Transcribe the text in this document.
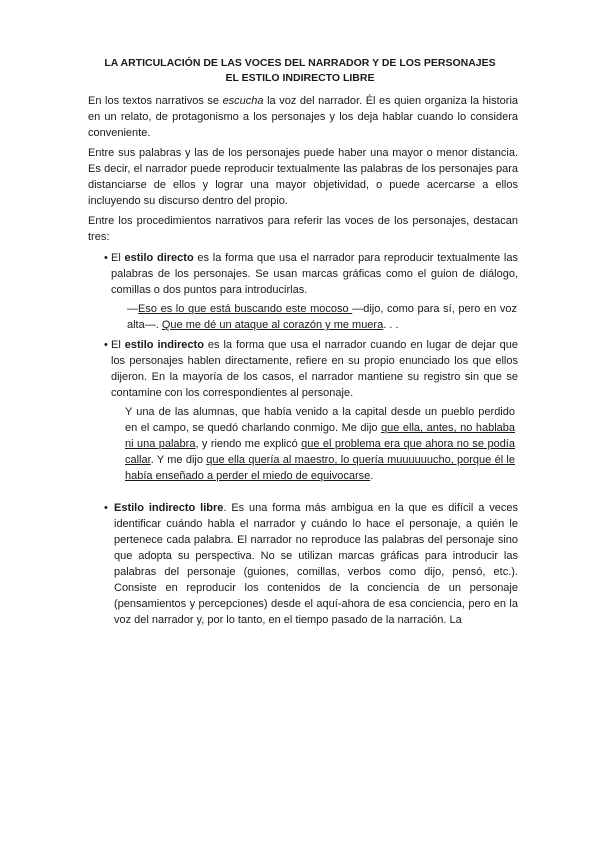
LA ARTICULACIÓN DE LAS VOCES DEL NARRADOR Y DE LOS PERSONAJES
EL ESTILO INDIRECTO LIBRE
En los textos narrativos se escucha la voz del narrador. Él es quien organiza la historia en un relato, de protagonismo a los personajes y los deja hablar cuando lo considera conveniente.
Entre sus palabras y las de los personajes puede haber una mayor o menor distancia. Es decir, el narrador puede reproducir textualmente las palabras de los personajes para distanciarse de ellos y lograr una mayor objetividad, o puede acercarse a ellos incluyendo su discurso dentro del propio.
Entre los procedimientos narrativos para referir las voces de los personajes, destacan tres:
• El estilo directo es la forma que usa el narrador para reproducir textualmente las palabras de los personajes. Se usan marcas gráficas como el guion de diálogo, comillas o dos puntos para introducirlas.
—Eso es lo que está buscando este mocoso —dijo, como para sí, pero en voz alta—. Que me dé un ataque al corazón y me muera. . .
• El estilo indirecto es la forma que usa el narrador cuando en lugar de dejar que los personajes hablen directamente, refiere en su propio enunciado los que ellos dijeron. En la mayoría de los casos, el narrador mantiene su registro sin que se contamine con los correspondientes al personaje.
Y una de las alumnas, que había venido a la capital desde un pueblo perdido en el campo, se quedó charlando conmigo. Me dijo que ella, antes, no hablaba ni una palabra, y riendo me explicó que el problema era que ahora no se podía callar. Y me dijo que ella quería al maestro, lo quería muuuuuucho, porque él le había enseñado a perder el miedo de equivocarse.
• Estilo indirecto libre. Es una forma más ambigua en la que es difícil a veces identificar cuándo habla el narrador y cuándo lo hace el personaje, a quién le pertenece cada palabra. El narrador no reproduce las palabras del personaje sino que adopta su perspectiva. No se utilizan marcas gráficas para introducir las palabras del personaje (guiones, comillas, verbos como dijo, pensó, etc.). Consiste en reproducir los contenidos de la conciencia de un personaje (pensamientos y percepciones) desde el aquí-ahora de esa conciencia, pero en la voz del narrador y, por lo tanto, en el tiempo pasado de la narración. La
